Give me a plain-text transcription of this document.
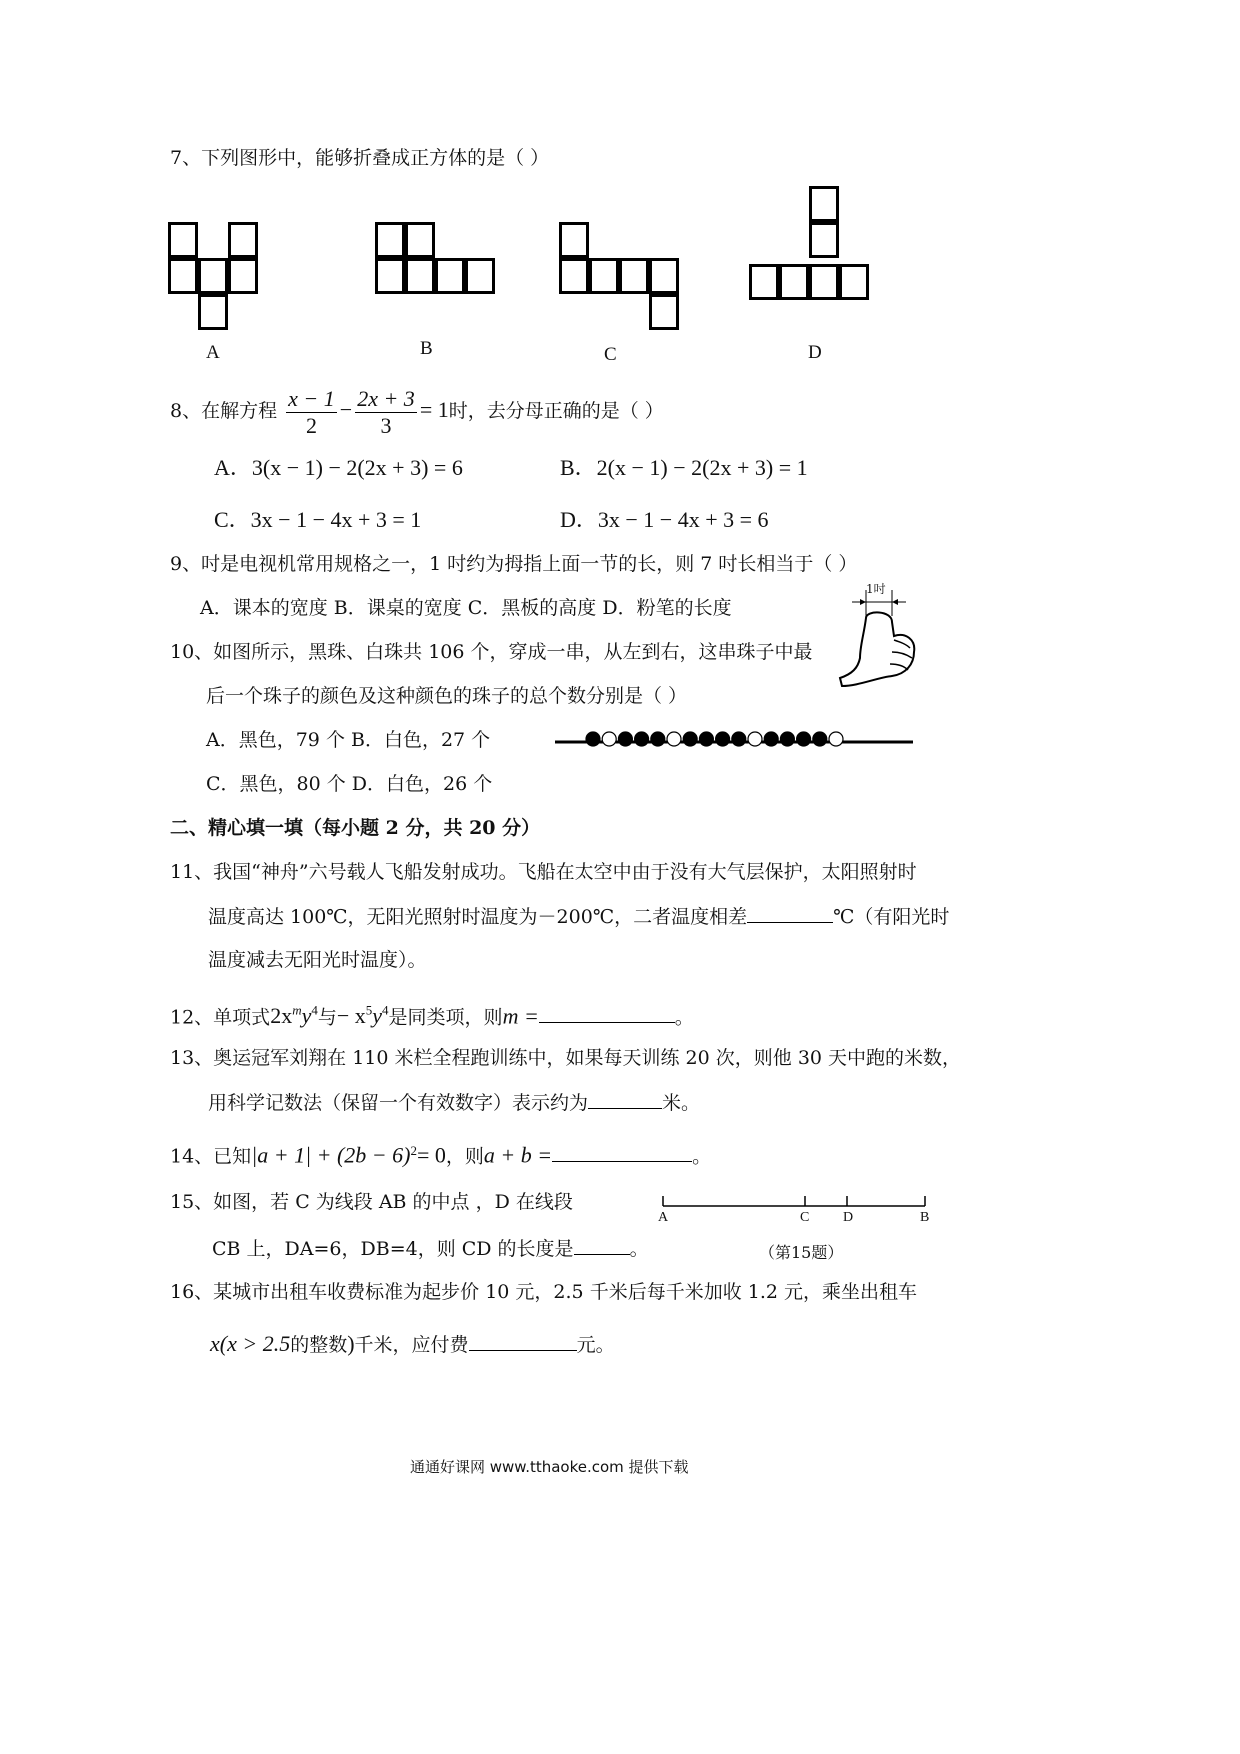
7、下列图形中，能够折叠成正方体的是（ ）
A	B	C	D
8、在解方程 $\frac{x - 1}{2} - \frac{2x + 3}{3} = 1$时，去分母正确的是（ ）
A．3(x − 1) − 2(2x + 3) = 6	B．2(x − 1) − 2(2x + 3) = 1
C．3x − 1 − 4x + 3 = 1	D．3x − 1 − 4x + 3 = 6
9、吋是电视机常用规格之一，1 吋约为拇指上面一节的长，则 7 吋长相当于（ ）
A．课本的宽度 B．课桌的宽度 C．黑板的高度 D．粉笔的长度
1吋
10、如图所示，黑珠、白珠共 106 个，穿成一串，从左到右，这串珠子中最
后一个珠子的颜色及这种颜色的珠子的总个数分别是（ ）
A．黑色，79 个 B．白色，27 个
C．黑色，80 个 D．白色，26 个
二、精心填一填（每小题 2 分，共 20 分）
11、我国“神舟”六号载人飞船发射成功。飞船在太空中由于没有大气层保护，太阳照射时
温度高达 100℃，无阳光照射时温度为－200℃，二者温度相差	℃（有阳光时
温度减去无阳光时温度）。
12、单项式$2x^my^4$与− $x^5y^4$是同类项，则m =	。
13、奥运冠军刘翔在 110 米栏全程跑训练中，如果每天训练 20 次，则他 30 天中跑的米数，
用科学记数法（保留一个有效数字）表示约为	米。
14、已知$|a + 1| + (2b - 6)^2= 0$，则a + b =	。
15、如图，若 C 为线段 AB 的中点 ，D 在线段
CB 上，DA=6，DB=4，则 CD 的长度是	。
A	C D	B
（第15题）
16、某城市出租车收费标准为起步价 10 元，2.5 千米后每千米加收 1.2 元，乘坐出租车
x(x > 2.5的整数)千米，应付费	元。
通通好课网 www.tthaoke.com 提供下载
